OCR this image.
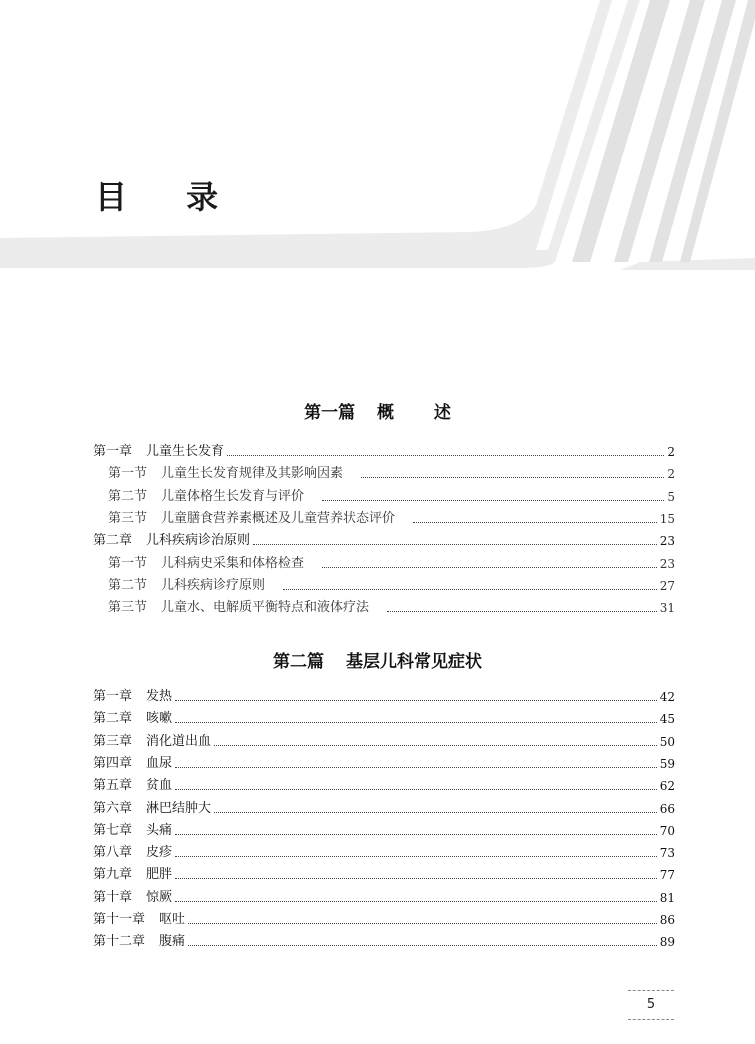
目 录
第一篇 概 述
第二篇 基层儿科常见症状
第一章 儿童生长发育	2
第一节 儿童生长发育规律及其影响因素	2
第二节 儿童体格生长发育与评价	5
第三节 儿童膳食营养素概述及儿童营养状态评价	15
第二章 儿科疾病诊治原则	23
第一节 儿科病史采集和体格检查	23
第二节 儿科疾病诊疗原则	27
第三节 儿童水、电解质平衡特点和液体疗法	31
第一章 发热	42
第二章 咳嗽	45
第三章 消化道出血	50
第四章 血尿	59
第五章 贫血	62
第六章 淋巴结肿大	66
第七章 头痛	70
第八章 皮疹	73
第九章 肥胖	77
第十章 惊厥	81
第十一章 呕吐	86
第十二章 腹痛	89
5
